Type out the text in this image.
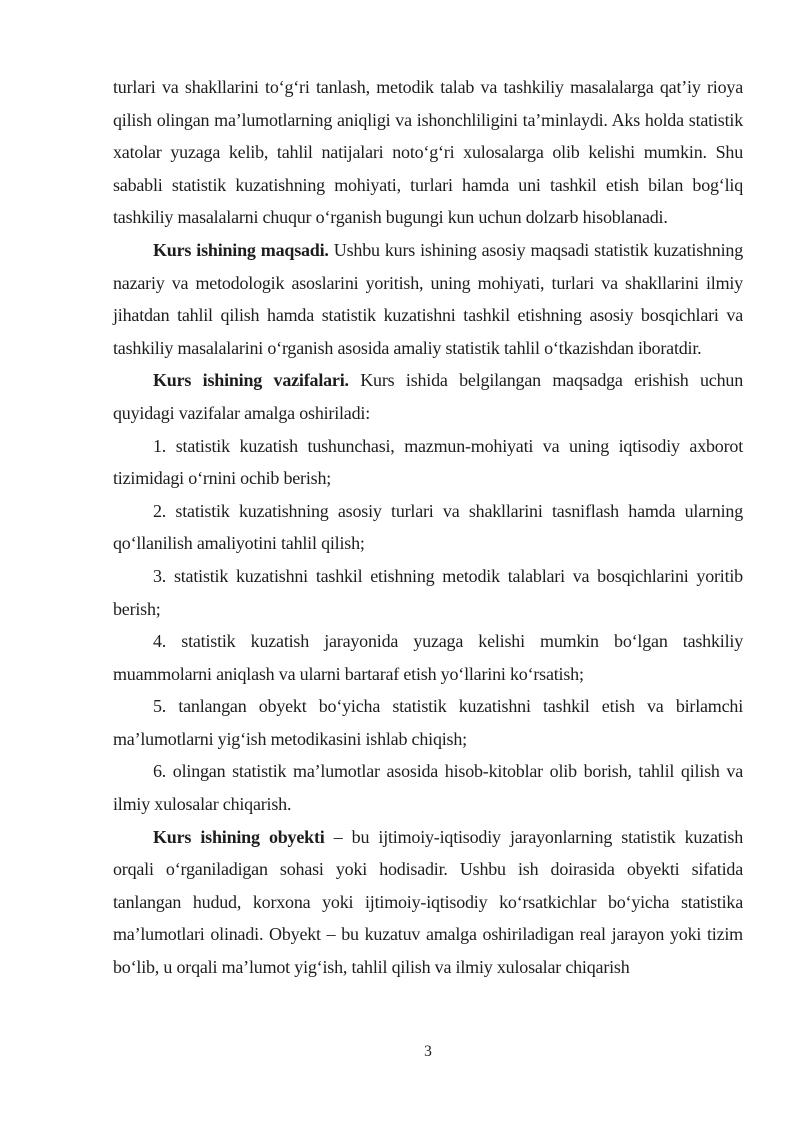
turlari va shakllarini to‘g‘ri tanlash, metodik talab va tashkiliy masalalarga qat’iy rioya qilish olingan ma’lumotlarning aniqligi va ishonchliligini ta’minlaydi. Aks holda statistik xatolar yuzaga kelib, tahlil natijalari noto‘g‘ri xulosalarga olib kelishi mumkin. Shu sababli statistik kuzatishning mohiyati, turlari hamda uni tashkil etish bilan bog‘liq tashkiliy masalalarni chuqur o‘rganish bugungi kun uchun dolzarb hisoblanadi.

Kurs ishining maqsadi. Ushbu kurs ishining asosiy maqsadi statistik kuzatishning nazariy va metodologik asoslarini yoritish, uning mohiyati, turlari va shakllarini ilmiy jihatdan tahlil qilish hamda statistik kuzatishni tashkil etishning asosiy bosqichlari va tashkiliy masalalarini o‘rganish asosida amaliy statistik tahlil o‘tkazishdan iboratdir.

Kurs ishining vazifalari. Kurs ishida belgilangan maqsadga erishish uchun quyidagi vazifalar amalga oshiriladi:

1. statistik kuzatish tushunchasi, mazmun-mohiyati va uning iqtisodiy axborot tizimidagi o‘rnini ochib berish;

2. statistik kuzatishning asosiy turlari va shakllarini tasniflash hamda ularning qo‘llanilish amaliyotini tahlil qilish;

3. statistik kuzatishni tashkil etishning metodik talablari va bosqichlarini yoritib berish;

4. statistik kuzatish jarayonida yuzaga kelishi mumkin bo‘lgan tashkiliy muammolarni aniqlash va ularni bartaraf etish yo‘llarini ko‘rsatish;

5. tanlangan obyekt bo‘yicha statistik kuzatishni tashkil etish va birlamchi ma’lumotlarni yig‘ish metodikasini ishlab chiqish;

6. olingan statistik ma’lumotlar asosida hisob-kitoblar olib borish, tahlil qilish va ilmiy xulosalar chiqarish.

Kurs ishining obyekti – bu ijtimoiy-iqtisodiy jarayonlarning statistik kuzatish orqali o‘rganiladigan sohasi yoki hodisadir. Ushbu ish doirasida obyekti sifatida tanlangan hudud, korxona yoki ijtimoiy-iqtisodiy ko‘rsatkichlar bo‘yicha statistika ma’lumotlari olinadi. Obyekt – bu kuzatuv amalga oshiriladigan real jarayon yoki tizim bo‘lib, u orqali ma’lumot yig‘ish, tahlil qilish va ilmiy xulosalar chiqarish

3
